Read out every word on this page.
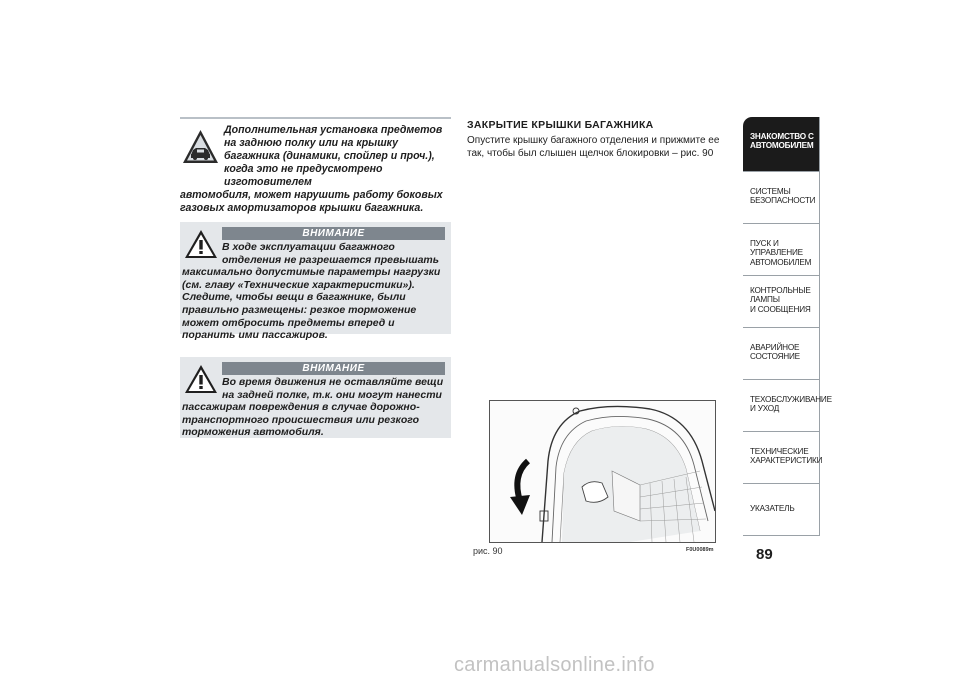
Дополнительная установка предметов на заднюю полку или на крышку багажника (динамики, спойлер и проч.), когда это не предусмотрено изготовителем
автомобиля, может нарушить работу боковых газовых амортизаторов крышки багажника.
ВНИМАНИЕ
В ходе эксплуатации багажного отделения не разрешается превышать
максимально допустимые параметры нагрузки (см. главу «Технические характеристики»). Следите, чтобы вещи в багажнике, были правильно размещены: резкое торможение может отбросить предметы вперед и поранить ими пассажиров.
ВНИМАНИЕ
Во время движения не оставляйте вещи на задней полке, т.к. они могут нанести
пассажирам повреждения в случае дорожно-транспортного происшествия или резкого торможения автомобиля.
ЗАКРЫТИЕ КРЫШКИ БАГАЖНИКА
Опустите крышку багажного отделения и прижмите ее так, чтобы был слышен щелчок блокировки – рис. 90
рис. 90	F0U0089m
ЗНАКОМСТВО С
АВТОМОБИЛЕМ
СИСТЕМЫ
БЕЗОПАСНОСТИ
ПУСК И УПРАВЛЕНИЕ
АВТОМОБИЛЕМ
КОНТРОЛЬНЫЕ
ЛАМПЫ
И СООБЩЕНИЯ
АВАРИЙНОЕ
СОСТОЯНИЕ
ТЕХОБСЛУЖИВАНИЕ
И УХОД
ТЕХНИЧЕСКИЕ
ХАРАКТЕРИСТИКИ
УКАЗАТЕЛЬ
89
carmanualsonline.info
